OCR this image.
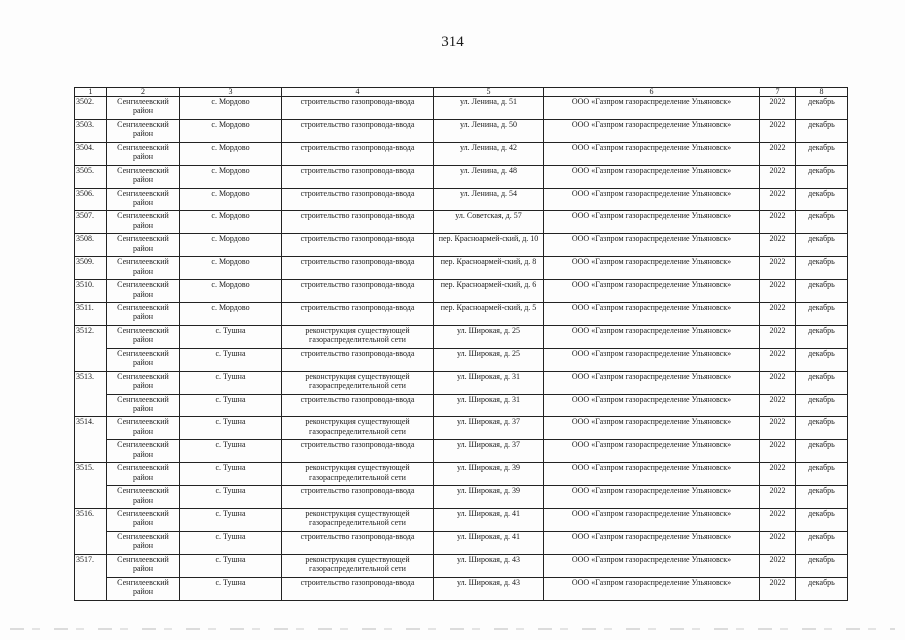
314
1	2	3	4	5	6	7	8
3502.	Сенгилеевский район	с. Мордово	строительство газопровода-ввода	ул. Ленина, д. 51	ООО «Газпром газораспределение Ульяновск»	2022	декабрь
3503.	Сенгилеевский район	с. Мордово	строительство газопровода-ввода	ул. Ленина, д. 50	ООО «Газпром газораспределение Ульяновск»	2022	декабрь
3504.	Сенгилеевский район	с. Мордово	строительство газопровода-ввода	ул. Ленина, д. 42	ООО «Газпром газораспределение Ульяновск»	2022	декабрь
3505.	Сенгилеевский район	с. Мордово	строительство газопровода-ввода	ул. Ленина, д. 48	ООО «Газпром газораспределение Ульяновск»	2022	декабрь
3506.	Сенгилеевский район	с. Мордово	строительство газопровода-ввода	ул. Ленина, д. 54	ООО «Газпром газораспределение Ульяновск»	2022	декабрь
3507.	Сенгилеевский район	с. Мордово	строительство газопровода-ввода	ул. Советская, д. 57	ООО «Газпром газораспределение Ульяновск»	2022	декабрь
3508.	Сенгилеевский район	с. Мордово	строительство газопровода-ввода	пер. Красноармей-ский, д. 10	ООО «Газпром газораспределение Ульяновск»	2022	декабрь
3509.	Сенгилеевский район	с. Мордово	строительство газопровода-ввода	пер. Красноармей-ский, д. 8	ООО «Газпром газораспределение Ульяновск»	2022	декабрь
3510.	Сенгилеевский район	с. Мордово	строительство газопровода-ввода	пер. Красноармей-ский, д. 6	ООО «Газпром газораспределение Ульяновск»	2022	декабрь
3511.	Сенгилеевский район	с. Мордово	строительство газопровода-ввода	пер. Красноармей-ский, д. 5	ООО «Газпром газораспределение Ульяновск»	2022	декабрь
3512.	Сенгилеевский район	с. Тушна	реконструкция существующей газораспределительной сети	ул. Широкая, д. 25	ООО «Газпром газораспределение Ульяновск»	2022	декабрь
	Сенгилеевский район	с. Тушна	строительство газопровода-ввода	ул. Широкая, д. 25	ООО «Газпром газораспределение Ульяновск»	2022	декабрь
3513.	Сенгилеевский район	с. Тушна	реконструкция существующей газораспределительной сети	ул. Широкая, д. 31	ООО «Газпром газораспределение Ульяновск»	2022	декабрь
	Сенгилеевский район	с. Тушна	строительство газопровода-ввода	ул. Широкая, д. 31	ООО «Газпром газораспределение Ульяновск»	2022	декабрь
3514.	Сенгилеевский район	с. Тушна	реконструкция существующей газораспределительной сети	ул. Широкая, д. 37	ООО «Газпром газораспределение Ульяновск»	2022	декабрь
	Сенгилеевский район	с. Тушна	строительство газопровода-ввода	ул. Широкая, д. 37	ООО «Газпром газораспределение Ульяновск»	2022	декабрь
3515.	Сенгилеевский район	с. Тушна	реконструкция существующей газораспределительной сети	ул. Широкая, д. 39	ООО «Газпром газораспределение Ульяновск»	2022	декабрь
	Сенгилеевский район	с. Тушна	строительство газопровода-ввода	ул. Широкая, д. 39	ООО «Газпром газораспределение Ульяновск»	2022	декабрь
3516.	Сенгилеевский район	с. Тушна	реконструкция существующей газораспределительной сети	ул. Широкая, д. 41	ООО «Газпром газораспределение Ульяновск»	2022	декабрь
	Сенгилеевский район	с. Тушна	строительство газопровода-ввода	ул. Широкая, д. 41	ООО «Газпром газораспределение Ульяновск»	2022	декабрь
3517.	Сенгилеевский район	с. Тушна	реконструкция существующей газораспределительной сети	ул. Широкая, д. 43	ООО «Газпром газораспределение Ульяновск»	2022	декабрь
	Сенгилеевский район	с. Тушна	строительство газопровода-ввода	ул. Широкая, д. 43	ООО «Газпром газораспределение Ульяновск»	2022	декабрь
